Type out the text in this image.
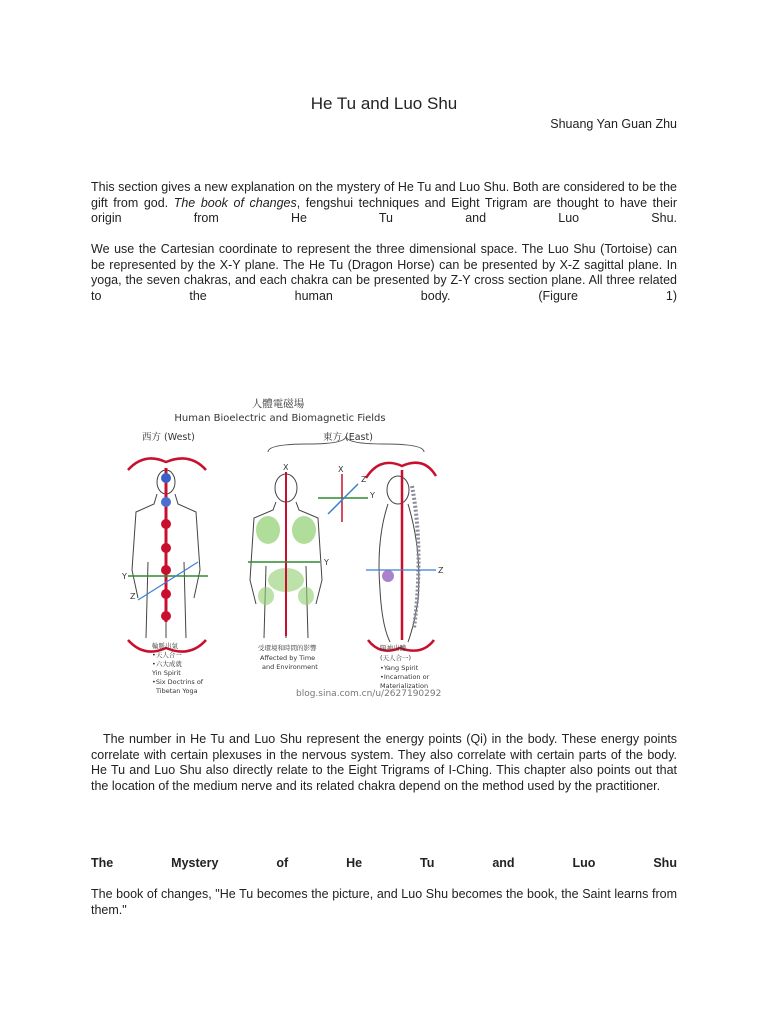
He Tu and Luo Shu
Shuang Yan Guan Zhu
This section gives a new explanation on the mystery of He Tu and Luo Shu. Both are considered to be the gift from god. The book of changes, fengshui techniques and Eight Trigram are thought to have their origin from He Tu and Luo Shu.
We use the Cartesian coordinate to represent the three dimensional space. The Luo Shu (Tortoise) can be represented by the X-Y plane. The He Tu (Dragon Horse) can be presented by X-Z sagittal plane. In yoga, the seven chakras, and each chakra can be presented by Z-Y cross section plane. All three related to the human body. (Figure 1)
人體電磁場
Human Bioelectric and Biomagnetic Fields
西方 (West)	東方 (East)
Y
Z
X
Y
X
Z
Y
Z
輪脈出氣
•天人合一
•六大成就
Yin Spirit
•Six Doctrins of
Tibetan Yoga
受環境和時間的影響
Affected by Time
and Environment
陽神出體
(天人合一)
•Yang Spirit
•Incarnation or
Materialization
blog.sina.com.cn/u/2627190292
The number in He Tu and Luo Shu represent the energy points (Qi) in the body. These energy points correlate with certain plexuses in the nervous system. They also correlate with certain parts of the body. He Tu and Luo Shu also directly relate to the Eight Trigrams of I-Ching. This chapter also points out that the location of the medium nerve and its related chakra depend on the method used by the practitioner.
The	Mystery	of	He	Tu	and	Luo	Shu
The book of changes, "He Tu becomes the picture, and Luo Shu becomes the book, the Saint learns from them."
